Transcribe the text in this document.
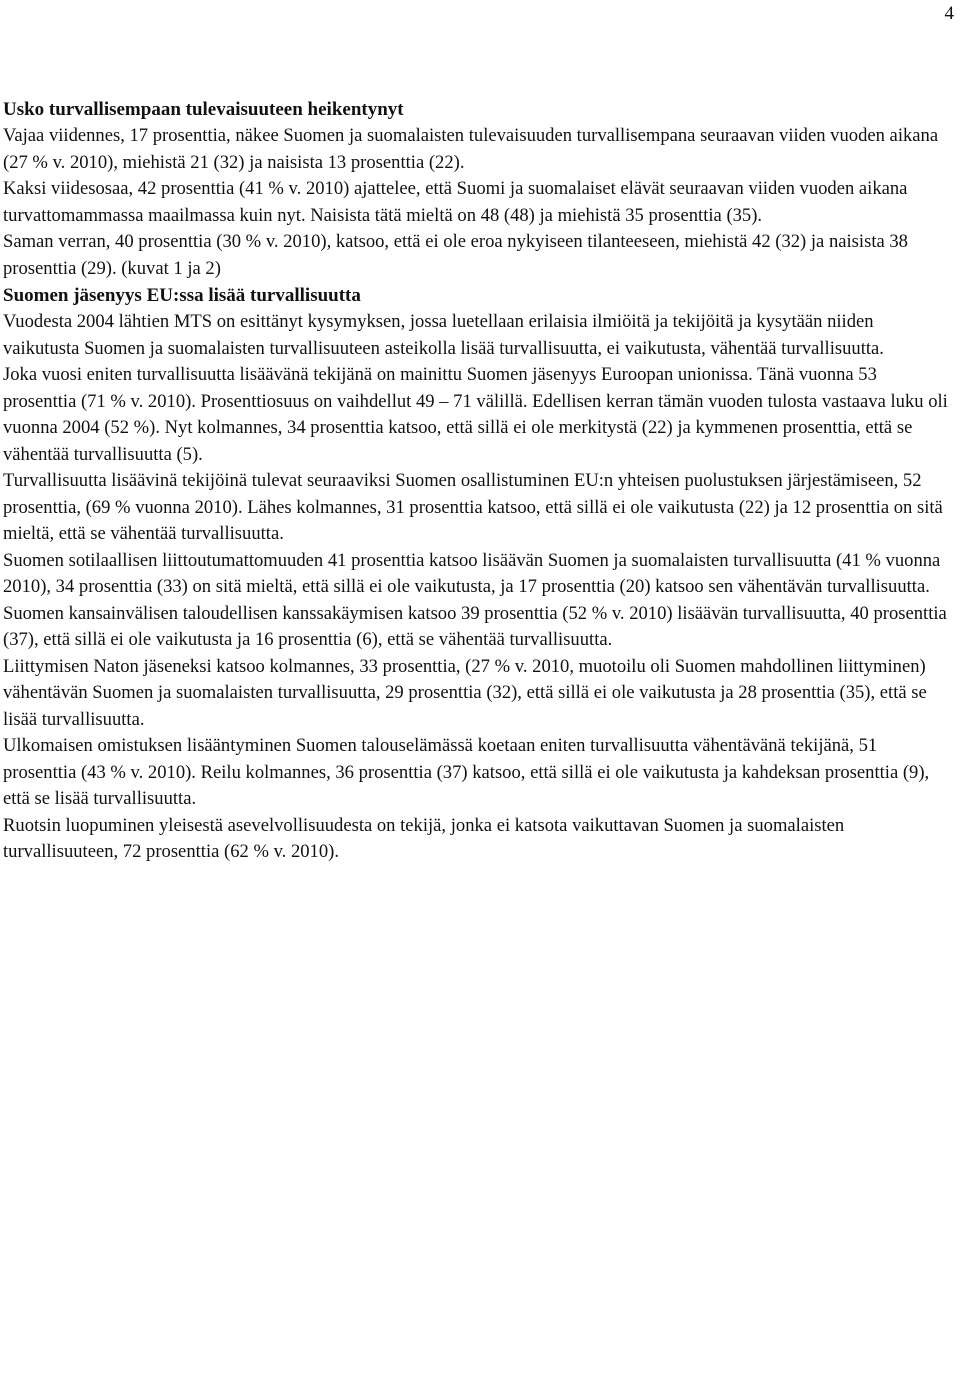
4
Usko turvallisempaan tulevaisuuteen heikentynyt

Vajaa viidennes, 17 prosenttia, näkee Suomen ja suomalaisten tulevaisuuden turvallisempana seuraavan viiden vuoden aikana (27 % v. 2010), miehistä 21 (32) ja naisista 13 prosenttia (22).

Kaksi viidesosaa, 42 prosenttia (41 % v. 2010) ajattelee, että Suomi ja suomalaiset elävät seuraavan viiden vuoden aikana turvattomammassa maailmassa kuin nyt. Naisista tätä mieltä on 48 (48) ja miehistä 35 prosenttia (35).

Saman verran, 40 prosenttia (30 % v. 2010), katsoo, että ei ole eroa nykyiseen tilanteeseen, miehistä 42 (32) ja naisista 38 prosenttia (29). (kuvat 1 ja 2)

Suomen jäsenyys EU:ssa lisää turvallisuutta

Vuodesta 2004 lähtien MTS on esittänyt kysymyksen, jossa luetellaan erilaisia ilmiöitä ja tekijöitä ja kysytään niiden vaikutusta Suomen ja suomalaisten turvallisuuteen asteikolla lisää turvallisuutta, ei vaikutusta, vähentää turvallisuutta.

Joka vuosi eniten turvallisuutta lisäävänä tekijänä on mainittu Suomen jäsenyys Euroopan unionissa. Tänä vuonna 53 prosenttia (71 % v. 2010). Prosenttiosuus on vaihdellut 49 – 71 välillä. Edellisen kerran tämän vuoden tulosta vastaava luku oli vuonna 2004 (52 %). Nyt kolmannes, 34 prosenttia katsoo, että sillä ei ole merkitystä (22) ja kymmenen prosenttia, että se vähentää turvallisuutta (5).

Turvallisuutta lisäävinä tekijöinä tulevat seuraaviksi Suomen osallistuminen EU:n yhteisen puolustuksen järjestämiseen, 52 prosenttia, (69 % vuonna 2010). Lähes kolmannes, 31 prosenttia katsoo, että sillä ei ole vaikutusta (22) ja 12 prosenttia on sitä mieltä, että se vähentää turvallisuutta.

Suomen sotilaallisen liittoutumattomuuden 41 prosenttia katsoo lisäävän Suomen ja suomalaisten turvallisuutta (41 % vuonna 2010), 34 prosenttia (33) on sitä mieltä, että sillä ei ole vaikutusta, ja 17 prosenttia (20) katsoo sen vähentävän turvallisuutta.

Suomen kansainvälisen taloudellisen kanssakäymisen katsoo 39 prosenttia (52 % v. 2010) lisäävän turvallisuutta, 40 prosenttia (37), että sillä ei ole vaikutusta ja 16 prosenttia (6), että se vähentää turvallisuutta.

Liittymisen Naton jäseneksi katsoo kolmannes, 33 prosenttia, (27 % v. 2010, muotoilu oli Suomen mahdollinen liittyminen) vähentävän Suomen ja suomalaisten turvallisuutta, 29 prosenttia (32), että sillä ei ole vaikutusta ja 28 prosenttia (35), että se lisää turvallisuutta.

Ulkomaisen omistuksen lisääntyminen Suomen talouselämässä koetaan eniten turvallisuutta vähentävänä tekijänä, 51 prosenttia (43 % v. 2010). Reilu kolmannes, 36 prosenttia (37) katsoo, että sillä ei ole vaikutusta ja kahdeksan prosenttia (9), että se lisää turvallisuutta.

Ruotsin luopuminen yleisestä asevelvollisuudesta on tekijä, jonka ei katsota vaikuttavan Suomen ja suomalaisten turvallisuuteen, 72 prosenttia (62 % v. 2010).
